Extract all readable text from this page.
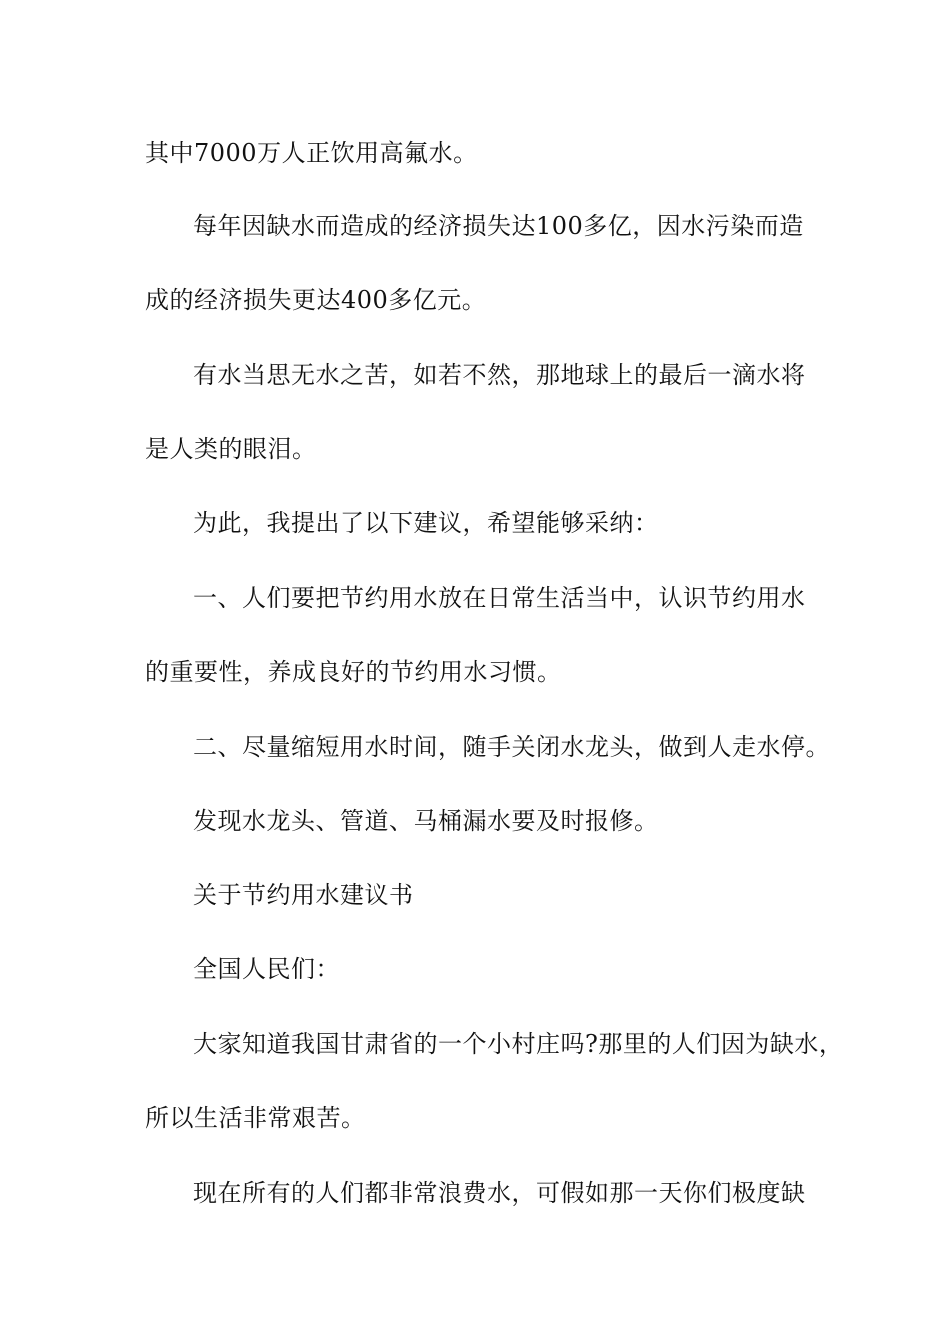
其中7000万人正饮用高氟水。
每年因缺水而造成的经济损失达100多亿，因水污染而造
成的经济损失更达400多亿元。
有水当思无水之苦，如若不然，那地球上的最后一滴水将
是人类的眼泪。
为此，我提出了以下建议，希望能够采纳：
一、人们要把节约用水放在日常生活当中，认识节约用水
的重要性，养成良好的节约用水习惯。
二、尽量缩短用水时间，随手关闭水龙头，做到人走水停。
发现水龙头、管道、马桶漏水要及时报修。
关于节约用水建议书
全国人民们：
大家知道我国甘肃省的一个小村庄吗?那里的人们因为缺水，
所以生活非常艰苦。
现在所有的人们都非常浪费水，可假如那一天你们极度缺
